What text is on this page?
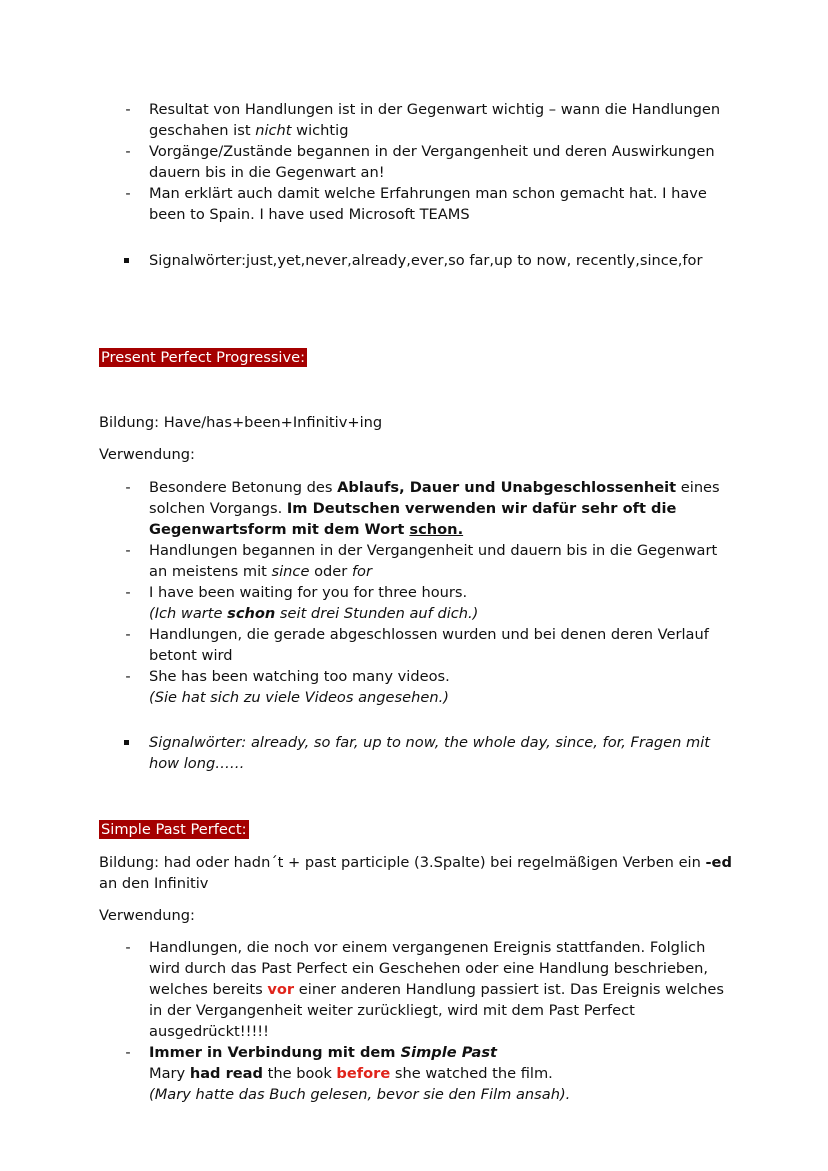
- Resultat von Handlungen ist in der Gegenwart wichtig – wann die Handlungen geschahen ist nicht wichtig
- Vorgänge/Zustände begannen in der Vergangenheit und deren Auswirkungen dauern bis in die Gegenwart an!
- Man erklärt auch damit welche Erfahrungen man schon gemacht hat. I have been to Spain. I have used Microsoft TEAMS
Signalwörter:just,yet,never,already,ever,so far,up to now, recently,since,for
Present Perfect Progressive:
Bildung: Have/has+been+Infinitiv+ing
Verwendung:
- Besondere Betonung des Ablaufs, Dauer und Unabgeschlossenheit eines solchen Vorgangs. Im Deutschen verwenden wir dafür sehr oft die Gegenwartsform mit dem Wort schon.
- Handlungen begannen in der Vergangenheit und dauern bis in die Gegenwart an meistens mit since oder for
- I have been waiting for you for three hours.
(Ich warte schon seit drei Stunden auf dich.)
- Handlungen, die gerade abgeschlossen wurden und bei denen deren Verlauf betont wird
- She has been watching too many videos.
(Sie hat sich zu viele Videos angesehen.)
Signalwörter: already, so far, up to now, the whole day, since, for, Fragen mit how long……
Simple Past Perfect:
Bildung: had oder hadn´t + past participle (3.Spalte) bei regelmäßigen Verben ein -ed an den Infinitiv
Verwendung:
- Handlungen, die noch vor einem vergangenen Ereignis stattfanden. Folglich wird durch das Past Perfect ein Geschehen oder eine Handlung beschrieben, welches bereits vor einer anderen Handlung passiert ist. Das Ereignis welches in der Vergangenheit weiter zurückliegt, wird mit dem Past Perfect ausgedrückt!!!!!
- Immer in Verbindung mit dem Simple Past
Mary had read the book before she watched the film.
(Mary hatte das Buch gelesen, bevor sie den Film ansah).
